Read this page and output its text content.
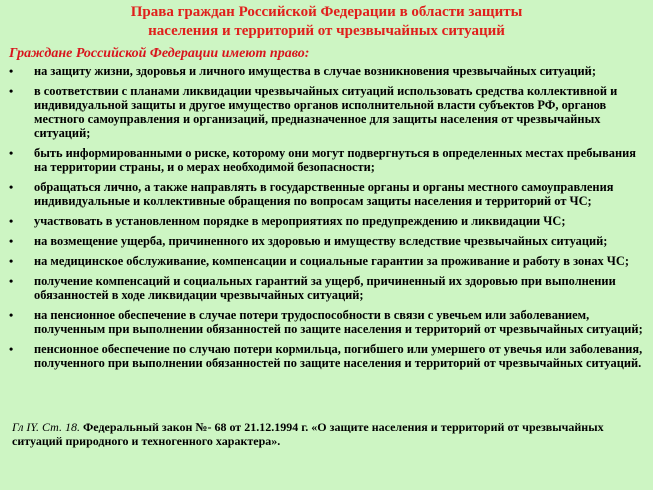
Права граждан Российской Федерации в области защиты
населения и территорий от чрезвычайных ситуаций
Граждане Российской Федерации имеют право:
• на защиту жизни, здоровья и личного имущества в случае возникновения чрезвычайных ситуаций;
• в соответствии с планами ликвидации чрезвычайных ситуаций использовать средства коллективной и индивидуальной защиты и другое имущество органов исполнительной власти субъектов РФ, органов местного самоуправления и организаций, предназначенное для защиты населения от чрезвычайных ситуаций;
• быть информированными о риске, которому они могут подвергнуться в определенных местах пребывания на территории страны, и о мерах необходимой безопасности;
• обращаться лично, а также направлять в государственные органы и органы местного самоуправления индивидуальные и коллективные обращения по вопросам защиты населения и территорий от ЧС;
• участвовать в установленном порядке в мероприятиях по предупреждению и ликвидации ЧС;
• на возмещение ущерба, причиненного их здоровью и имуществу вследствие чрезвычайных ситуаций;
• на медицинское обслуживание, компенсации и социальные гарантии за проживание и работу в зонах ЧС;
• получение компенсаций и социальных гарантий за ущерб, причиненный их здоровью при выполнении обязанностей в ходе ликвидации чрезвычайных ситуаций;
• на пенсионное обеспечение в случае потери трудоспособности в связи с увечьем или заболеванием, полученным при выполнении обязанностей по защите населения и территорий от чрезвычайных ситуаций;
• пенсионное обеспечение по случаю потери кормильца, погибшего или умершего от увечья или заболевания, полученного при выполнении обязанностей по защите населения и территорий от чрезвычайных ситуаций.
Гл IY. Ст. 18. Федеральный закон №- 68 от 21.12.1994 г. «О защите населения и территорий от чрезвычайных ситуаций природного и техногенного характера».
